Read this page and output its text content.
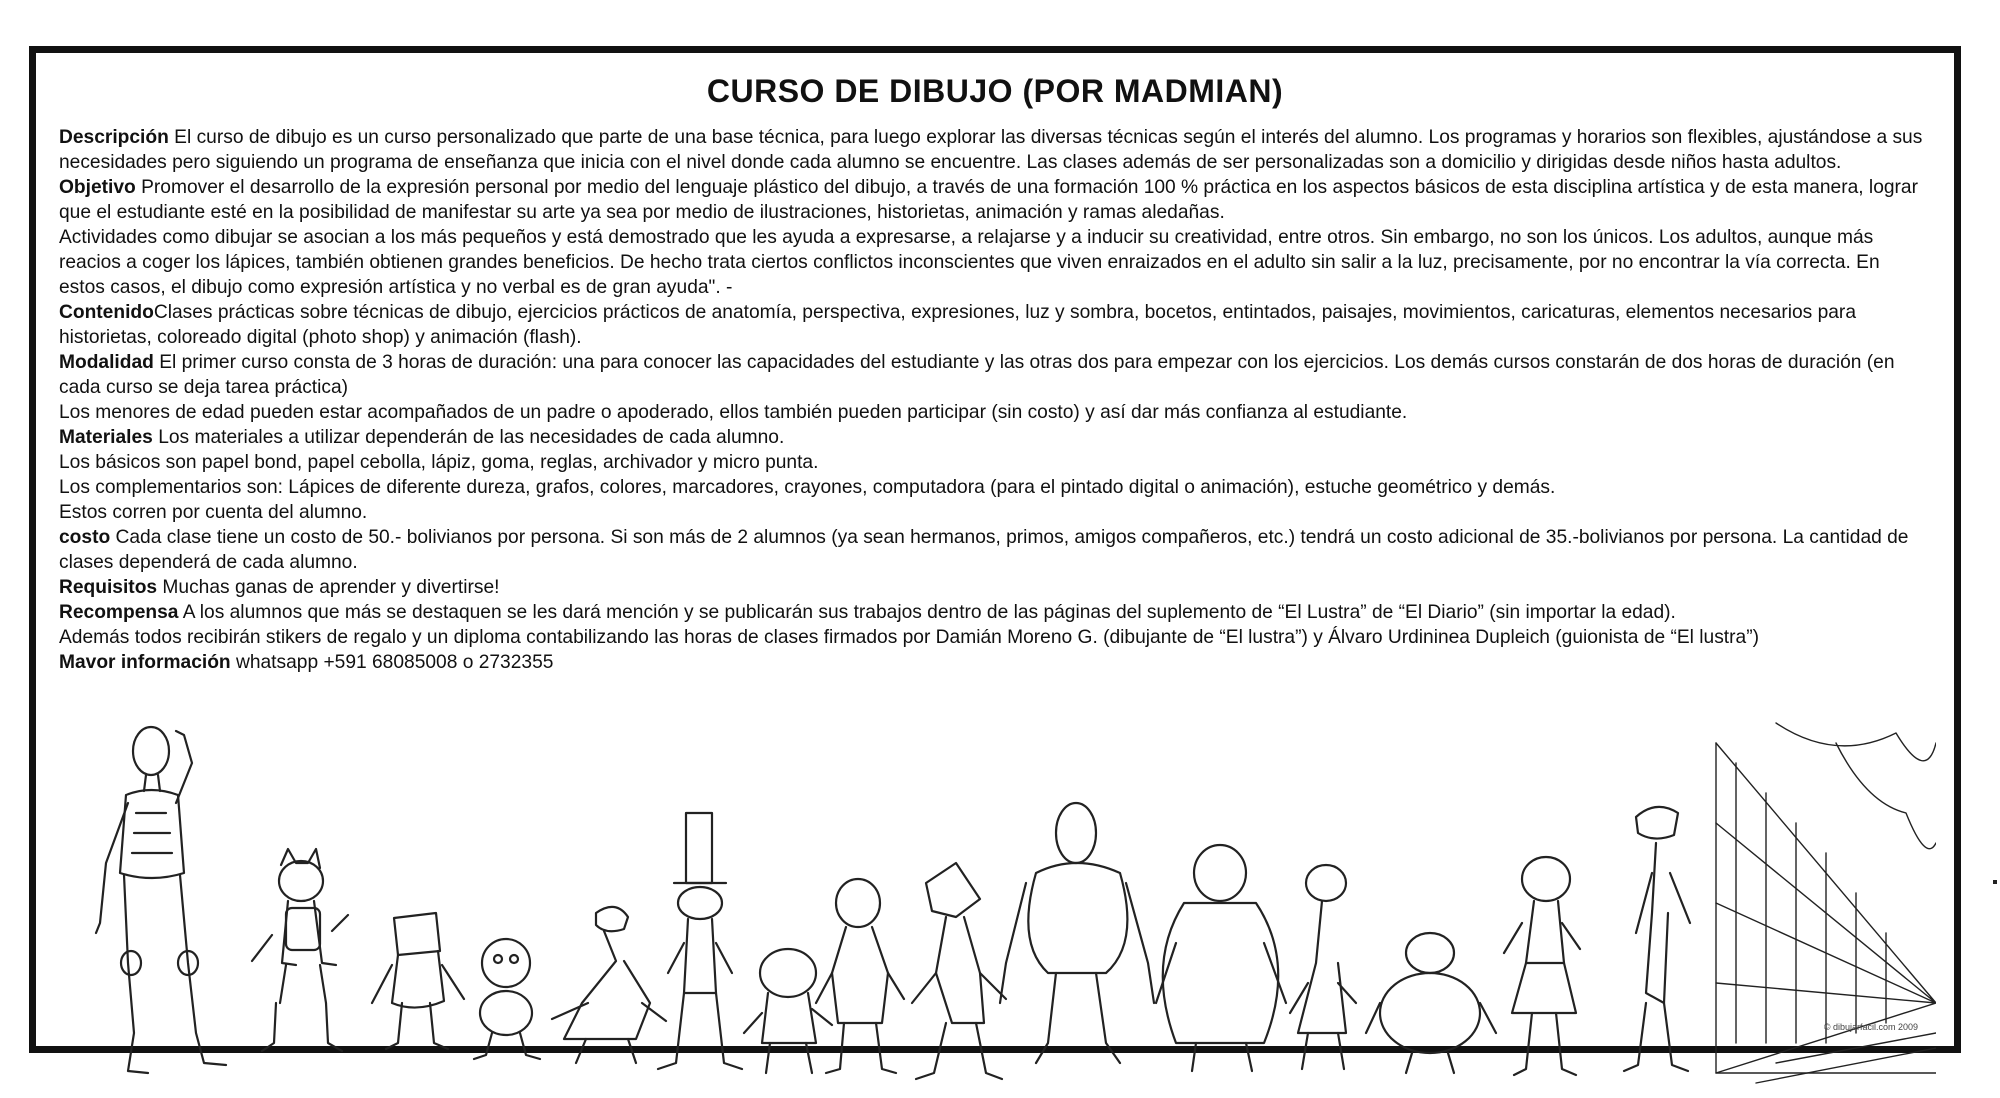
CURSO DE DIBUJO (POR MADMIAN)

Descripción El curso de dibujo es un curso personalizado que parte de una base técnica, para luego explorar las diversas técnicas según el interés del alumno. Los programas y horarios son flexibles, ajustándose a sus necesidades pero siguiendo un programa de enseñanza que inicia con el nivel donde cada alumno se encuentre. Las clases además de ser personalizadas son a domicilio y dirigidas desde niños hasta adultos.

Objetivo Promover el desarrollo de la expresión personal por medio del lenguaje plástico del dibujo, a través de una formación 100 % práctica en los aspectos básicos de esta disciplina artística y de esta manera, lograr que el estudiante esté en la posibilidad de manifestar su arte ya sea por medio de ilustraciones, historietas, animación y ramas aledañas.

Actividades como dibujar se asocian a los más pequeños y está demostrado que les ayuda a expresarse, a relajarse y a inducir su creatividad, entre otros. Sin embargo, no son los únicos. Los adultos, aunque más reacios a coger los lápices, también obtienen grandes beneficios. De hecho trata ciertos conflictos inconscientes que viven enraizados en el adulto sin salir a la luz, precisamente, por no encontrar la vía correcta. En estos casos, el dibujo como expresión artística y no verbal es de gran ayuda". -

ContenidoClases prácticas sobre técnicas de dibujo, ejercicios prácticos de anatomía, perspectiva, expresiones, luz y sombra, bocetos, entintados, paisajes, movimientos, caricaturas, elementos necesarios para historietas, coloreado digital (photo shop) y animación (flash).

Modalidad El primer curso consta de 3 horas de duración: una para conocer las capacidades del estudiante y las otras dos para empezar con los ejercicios. Los demás cursos constarán de dos horas de duración (en cada curso se deja tarea práctica)

Los menores de edad pueden estar acompañados de un padre o apoderado, ellos también pueden participar (sin costo) y así dar más confianza al estudiante.

Materiales Los materiales a utilizar dependerán de las necesidades de cada alumno.

Los básicos son papel bond, papel cebolla, lápiz, goma, reglas, archivador y micro punta.

Los complementarios son: Lápices de diferente dureza, grafos, colores, marcadores, crayones, computadora (para el pintado digital o animación), estuche geométrico y demás.

Estos corren por cuenta del alumno.

costo Cada clase tiene un costo de 50.- bolivianos por persona. Si son más de 2 alumnos (ya sean hermanos, primos, amigos compañeros, etc.) tendrá un costo adicional de 35.-bolivianos por persona. La cantidad de clases dependerá de cada alumno.

Requisitos Muchas ganas de aprender y divertirse!

Recompensa A los alumnos que más se destaquen se les dará mención y se publicarán sus trabajos dentro de las páginas del suplemento de “El Lustra” de “El Diario” (sin importar la edad).

Además todos recibirán stikers de regalo y un diploma contabilizando las horas de clases firmados por Damián Moreno G. (dibujante de “El lustra”) y Álvaro Urdininea Dupleich (guionista de “El lustra”)

Mavor información whatsapp +591 68085008 o 2732355

© dibujarfacil.com 2009
